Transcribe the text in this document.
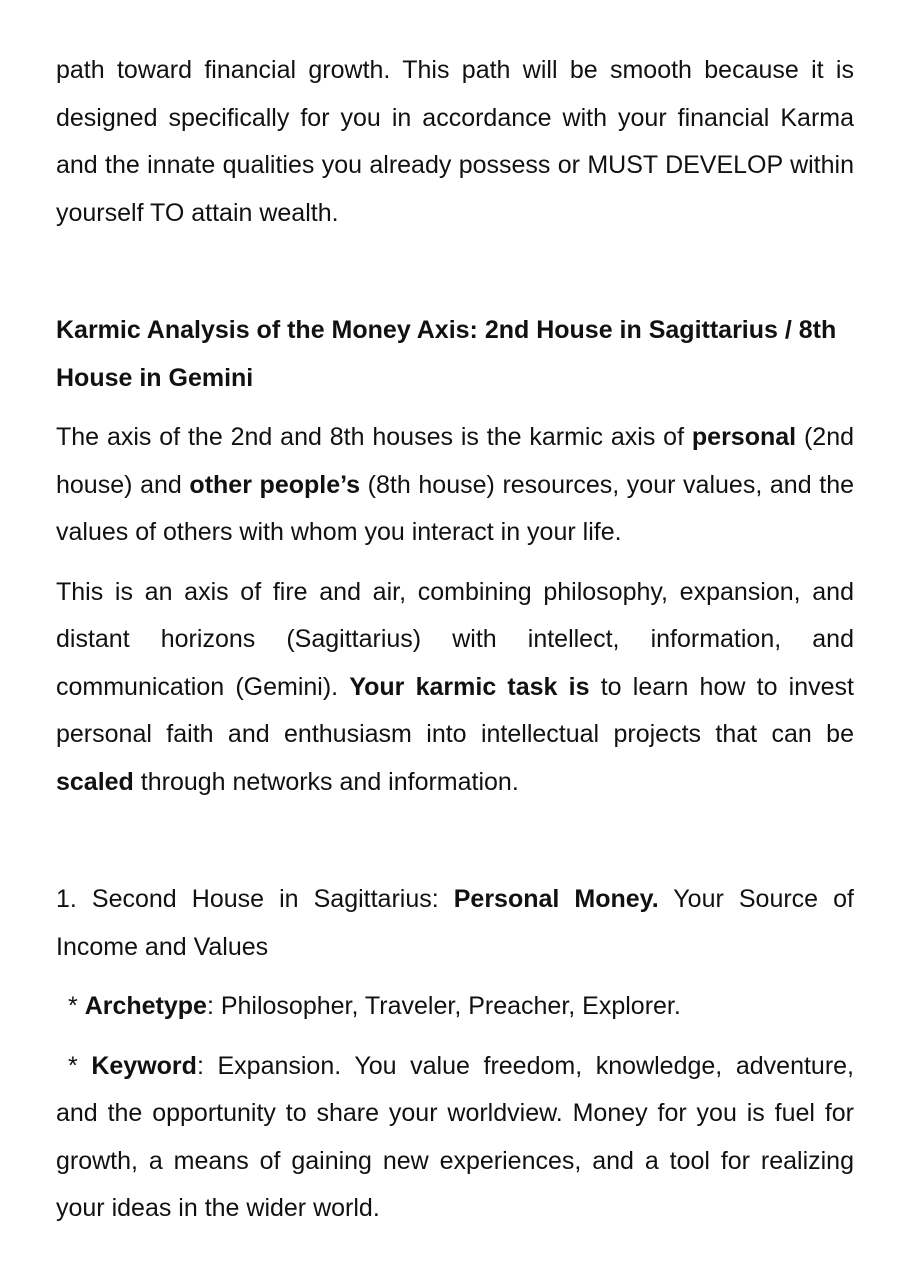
path toward financial growth. This path will be smooth because it is designed specifically for you in accordance with your financial Karma and the innate qualities you already possess or MUST DEVELOP within yourself TO attain wealth.

Karmic Analysis of the Money Axis: 2nd House in Sagittarius / 8th House in Gemini

The axis of the 2nd and 8th houses is the karmic axis of personal (2nd house) and other people’s (8th house) resources, your values, and the values of others with whom you interact in your life.

This is an axis of fire and air, combining philosophy, expansion, and distant horizons (Sagittarius) with intellect, information, and communication (Gemini). Your karmic task is to learn how to invest personal faith and enthusiasm into intellectual projects that can be scaled through networks and information.

1. Second House in Sagittarius: Personal Money. Your Source of Income and Values

* Archetype: Philosopher, Traveler, Preacher, Explorer.

* Keyword: Expansion. You value freedom, knowledge, adventure, and the opportunity to share your worldview. Money for you is fuel for growth, a means of gaining new experiences, and a tool for realizing your ideas in the wider world.
